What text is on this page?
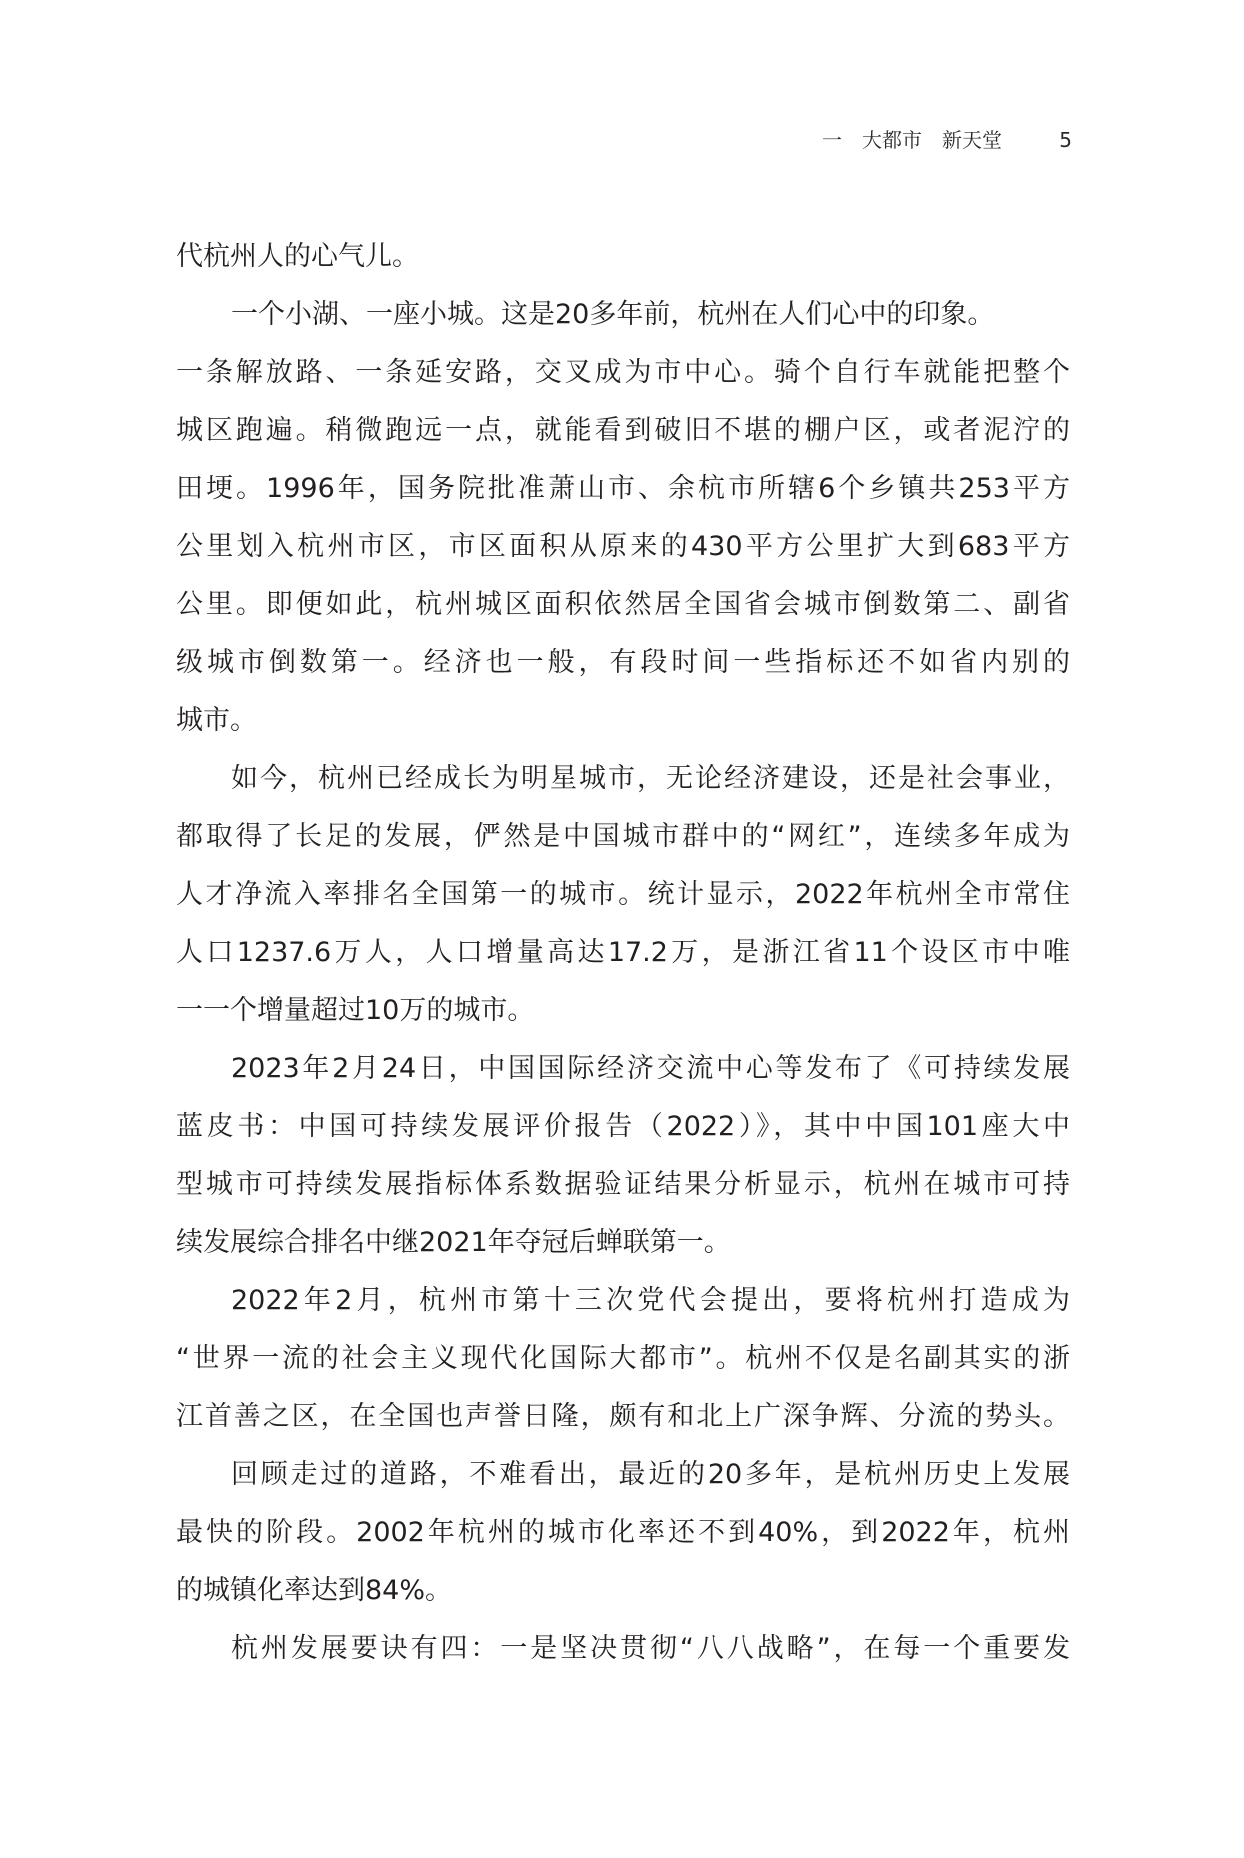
一　大都市　新天堂	5
代杭州人的心气儿。
一个小湖、一座小城。这是20多年前，杭州在人们心中的印象。
一条解放路、一条延安路，交叉成为市中心。骑个自行车就能把整个
城区跑遍。稍微跑远一点，就能看到破旧不堪的棚户区，或者泥泞的
田埂。1996年，国务院批准萧山市、余杭市所辖6个乡镇共253平方
公里划入杭州市区，市区面积从原来的430平方公里扩大到683平方
公里。即便如此，杭州城区面积依然居全国省会城市倒数第二、副省
级城市倒数第一。经济也一般，有段时间一些指标还不如省内别的
城市。
如今，杭州已经成长为明星城市，无论经济建设，还是社会事业，
都取得了长足的发展，俨然是中国城市群中的“网红”，连续多年成为
人才净流入率排名全国第一的城市。统计显示，2022年杭州全市常住
人口1237.6万人，人口增量高达17.2万，是浙江省11个设区市中唯
一一个增量超过10万的城市。
2023年2月24日，中国国际经济交流中心等发布了《可持续发展
蓝皮书：中国可持续发展评价报告（2022）》，其中中国101座大中
型城市可持续发展指标体系数据验证结果分析显示，杭州在城市可持
续发展综合排名中继2021年夺冠后蝉联第一。
2022年2月，杭州市第十三次党代会提出，要将杭州打造成为
“世界一流的社会主义现代化国际大都市”。杭州不仅是名副其实的浙
江首善之区，在全国也声誉日隆，颇有和北上广深争辉、分流的势头。
回顾走过的道路，不难看出，最近的20多年，是杭州历史上发展
最快的阶段。2002年杭州的城市化率还不到40%，到2022年，杭州
的城镇化率达到84%。
杭州发展要诀有四：一是坚决贯彻“八八战略”，在每一个重要发
